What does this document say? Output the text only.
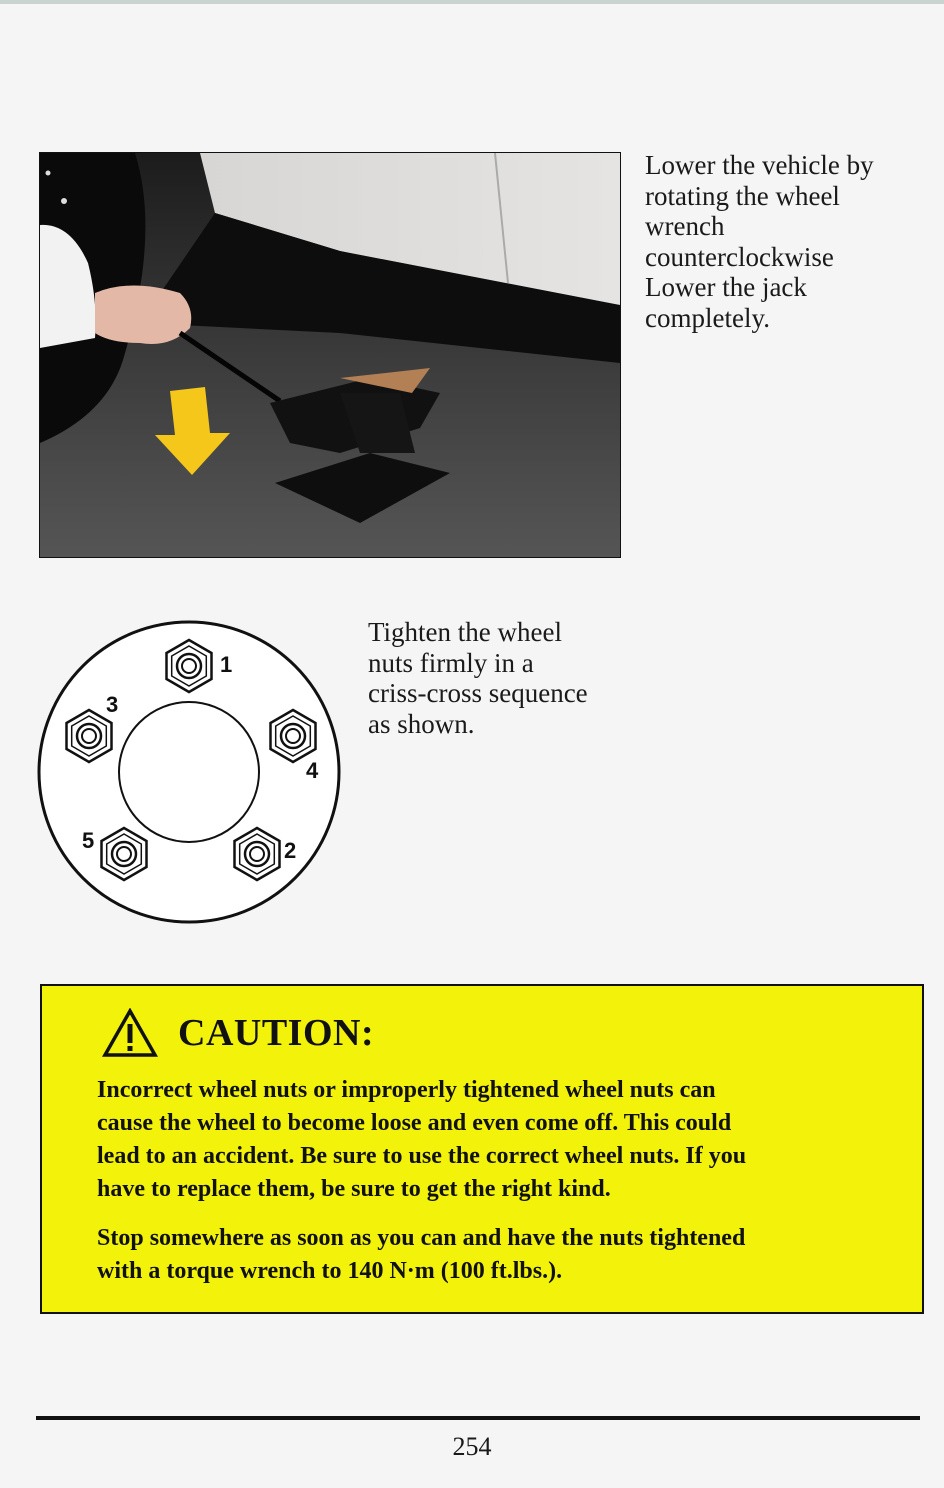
Lower the vehicle by
rotating the wheel
wrench
counterclockwise
Lower the jack
completely.
1
2
3
4
5
Tighten the wheel
nuts firmly in a
criss-cross sequence
as shown.
CAUTION:
Incorrect wheel nuts or improperly tightened wheel nuts can
cause the wheel to become loose and even come off. This could
lead to an accident. Be sure to use the correct wheel nuts. If you
have to replace them, be sure to get the right kind.
Stop somewhere as soon as you can and have the nuts tightened
with a torque wrench to 140 N·m (100 ft.lbs.).
254
